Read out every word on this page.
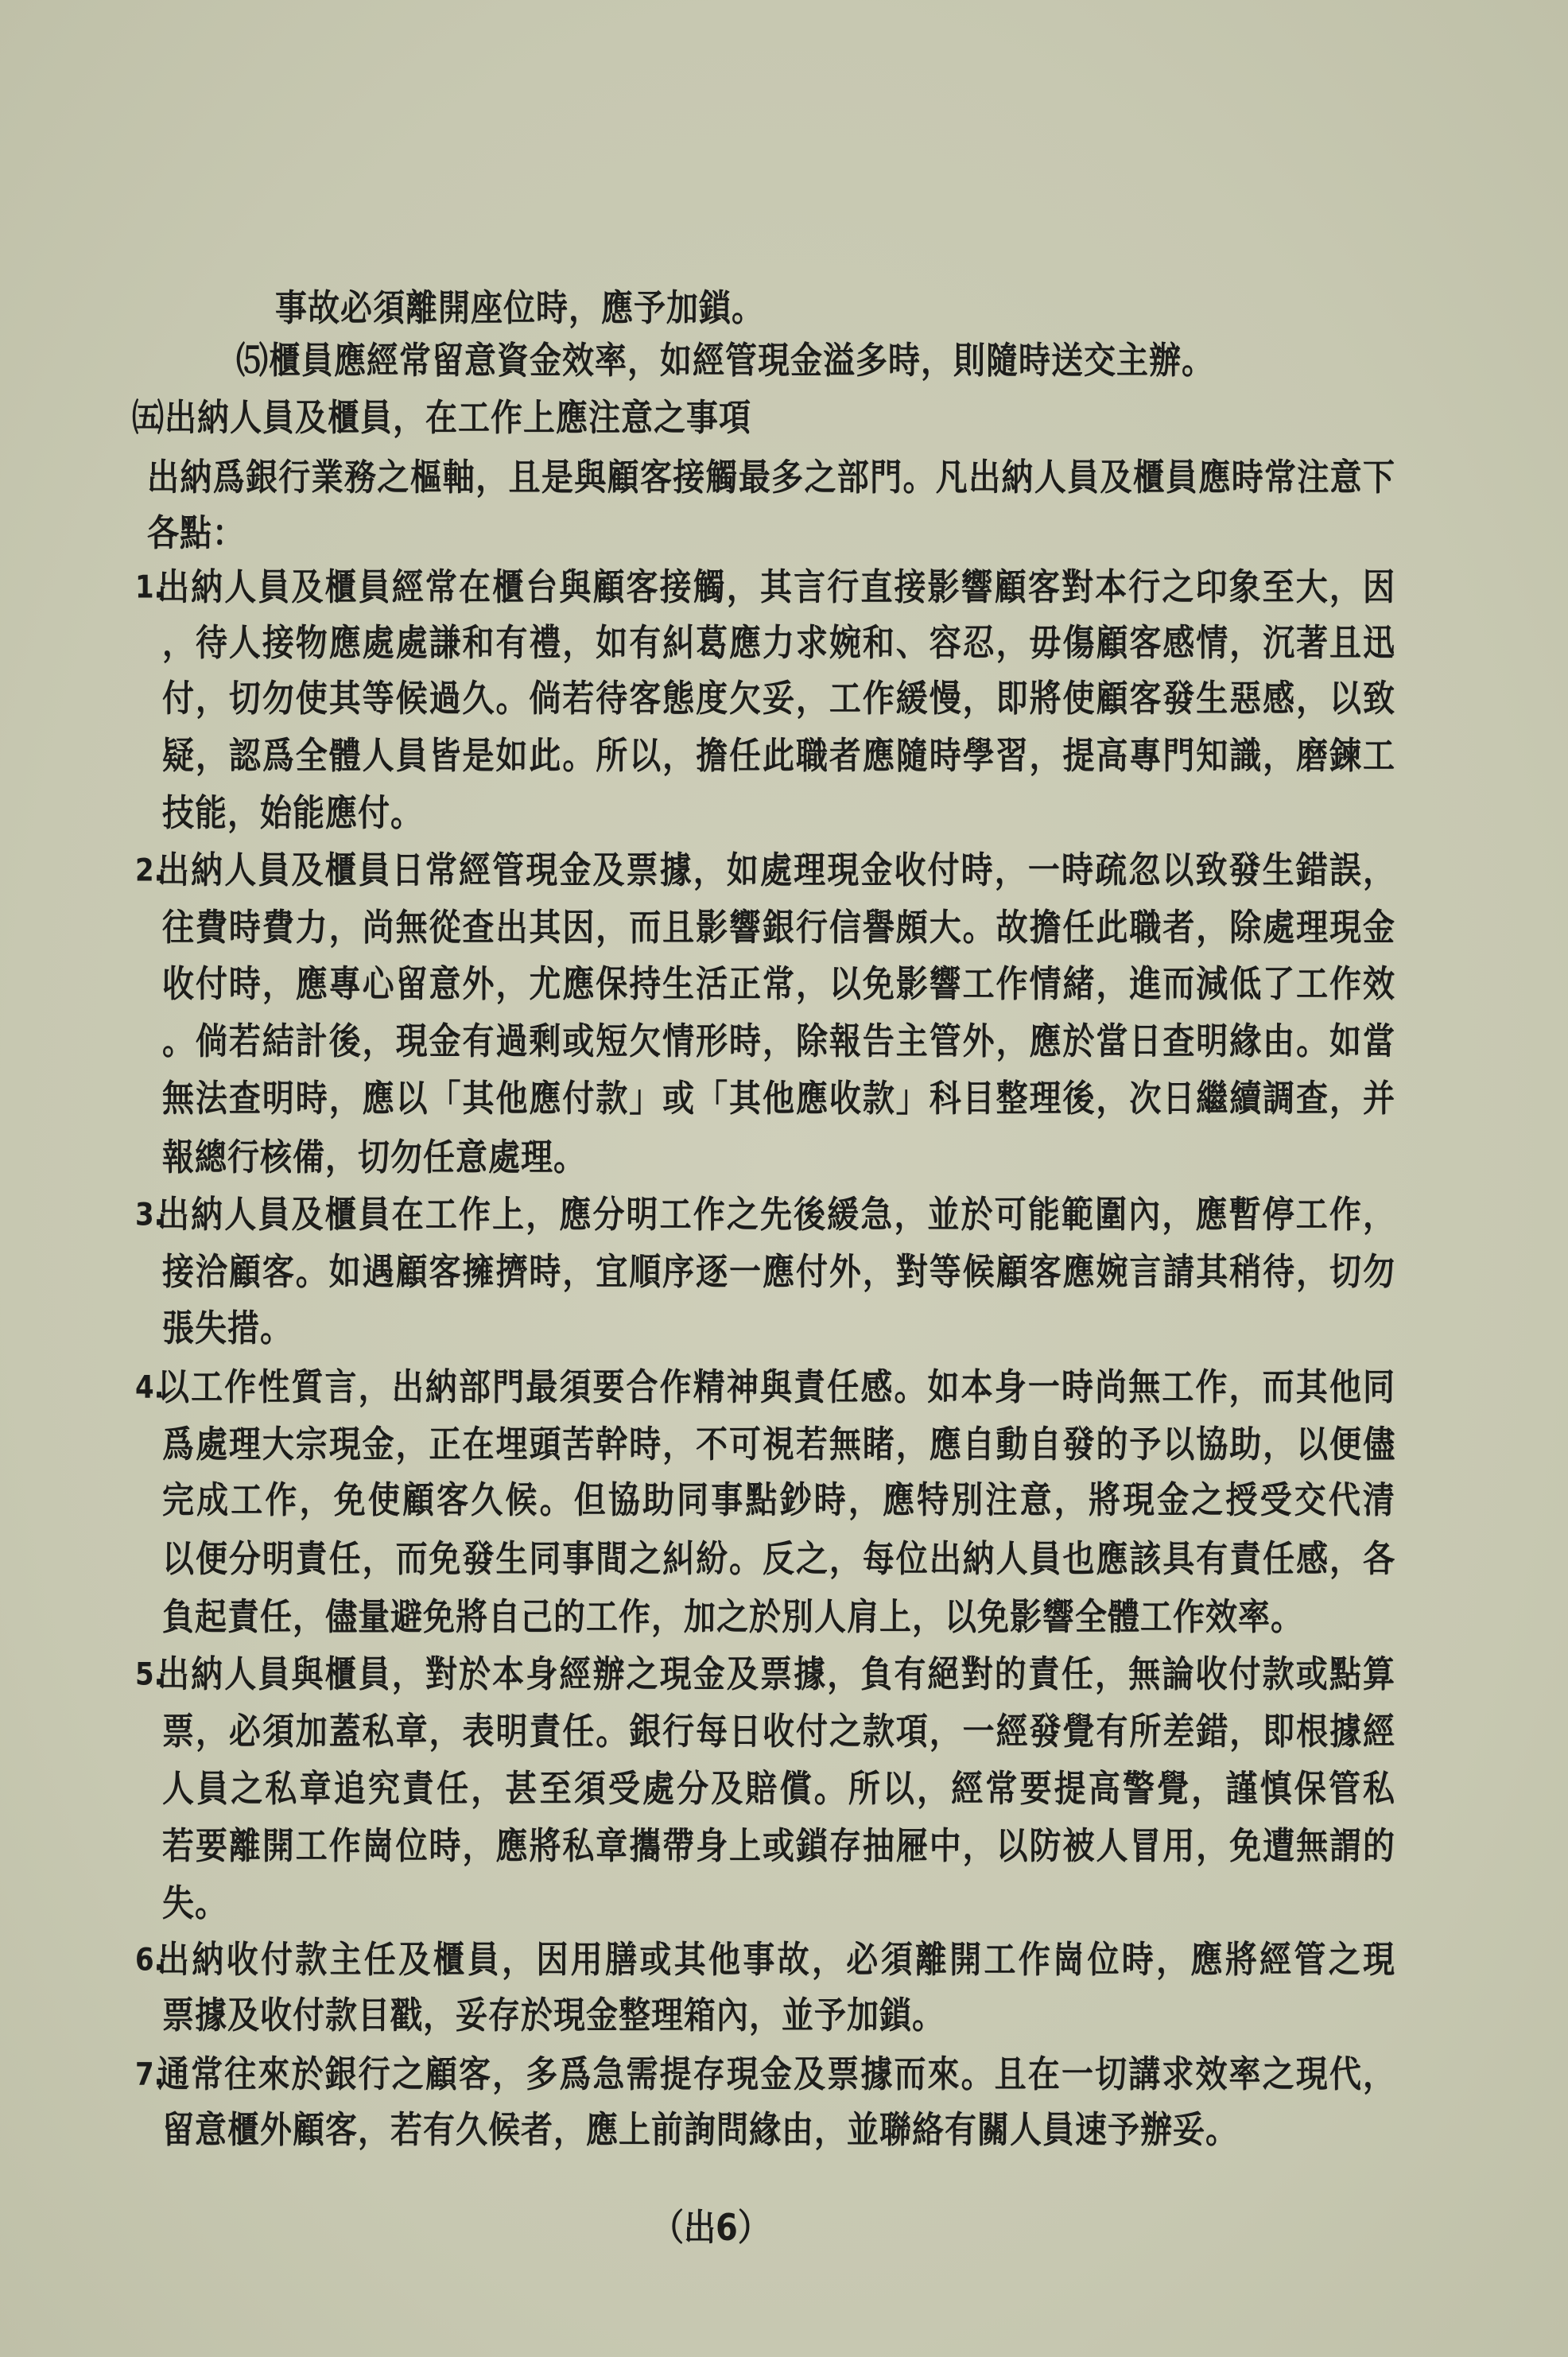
事故必須離開座位時，應予加鎖。
⑸櫃員應經常留意資金效率，如經管現金溢多時，則隨時送交主辦。
㈤出納人員及櫃員，在工作上應注意之事項
出納爲銀行業務之樞軸，且是與顧客接觸最多之部門。凡出納人員及櫃員應時常注意下
各點：
1.
出納人員及櫃員經常在櫃台與顧客接觸，其言行直接影響顧客對本行之印象至大，因
，待人接物應處處謙和有禮，如有糾葛應力求婉和、容忍，毋傷顧客感情，沉著且迅
付，切勿使其等候過久。倘若待客態度欠妥，工作緩慢，即將使顧客發生惡感，以致
疑，認爲全體人員皆是如此。所以，擔任此職者應隨時學習，提高專門知識，磨鍊工
技能，始能應付。
2.
出納人員及櫃員日常經管現金及票據，如處理現金收付時，一時疏忽以致發生錯誤，
往費時費力，尚無從查出其因，而且影響銀行信譽頗大。故擔任此職者，除處理現金
收付時，應專心留意外，尤應保持生活正常，以免影響工作情緒，進而減低了工作效
。倘若結計後，現金有過剩或短欠情形時，除報告主管外，應於當日查明緣由。如當
無法查明時，應以「其他應付款」或「其他應收款」科目整理後，次日繼續調查，并
報總行核備，切勿任意處理。
3.
出納人員及櫃員在工作上，應分明工作之先後緩急，並於可能範圍內，應暫停工作，
接洽顧客。如遇顧客擁擠時，宜順序逐一應付外，對等候顧客應婉言請其稍待，切勿
張失措。
4.
以工作性質言，出納部門最須要合作精神與責任感。如本身一時尚無工作，而其他同
爲處理大宗現金，正在埋頭苦幹時，不可視若無睹，應自動自發的予以協助，以便儘
完成工作，免使顧客久候。但協助同事點鈔時，應特別注意，將現金之授受交代清
以便分明責任，而免發生同事間之糾紛。反之，每位出納人員也應該具有責任感，各
負起責任，儘量避免將自己的工作，加之於別人肩上，以免影響全體工作效率。
5.
出納人員與櫃員，對於本身經辦之現金及票據，負有絕對的責任，無論收付款或點算
票，必須加蓋私章，表明責任。銀行每日收付之款項，一經發覺有所差錯，即根據經
人員之私章追究責任，甚至須受處分及賠償。所以，經常要提高警覺，謹慎保管私
若要離開工作崗位時，應將私章攜帶身上或鎖存抽屜中，以防被人冒用，免遭無謂的
失。
6.
出納收付款主任及櫃員，因用膳或其他事故，必須離開工作崗位時，應將經管之現
票據及收付款目戳，妥存於現金整理箱內，並予加鎖。
7.
通常往來於銀行之顧客，多爲急需提存現金及票據而來。且在一切講求效率之現代，
留意櫃外顧客，若有久候者，應上前詢問緣由，並聯絡有關人員速予辦妥。
（出6）
